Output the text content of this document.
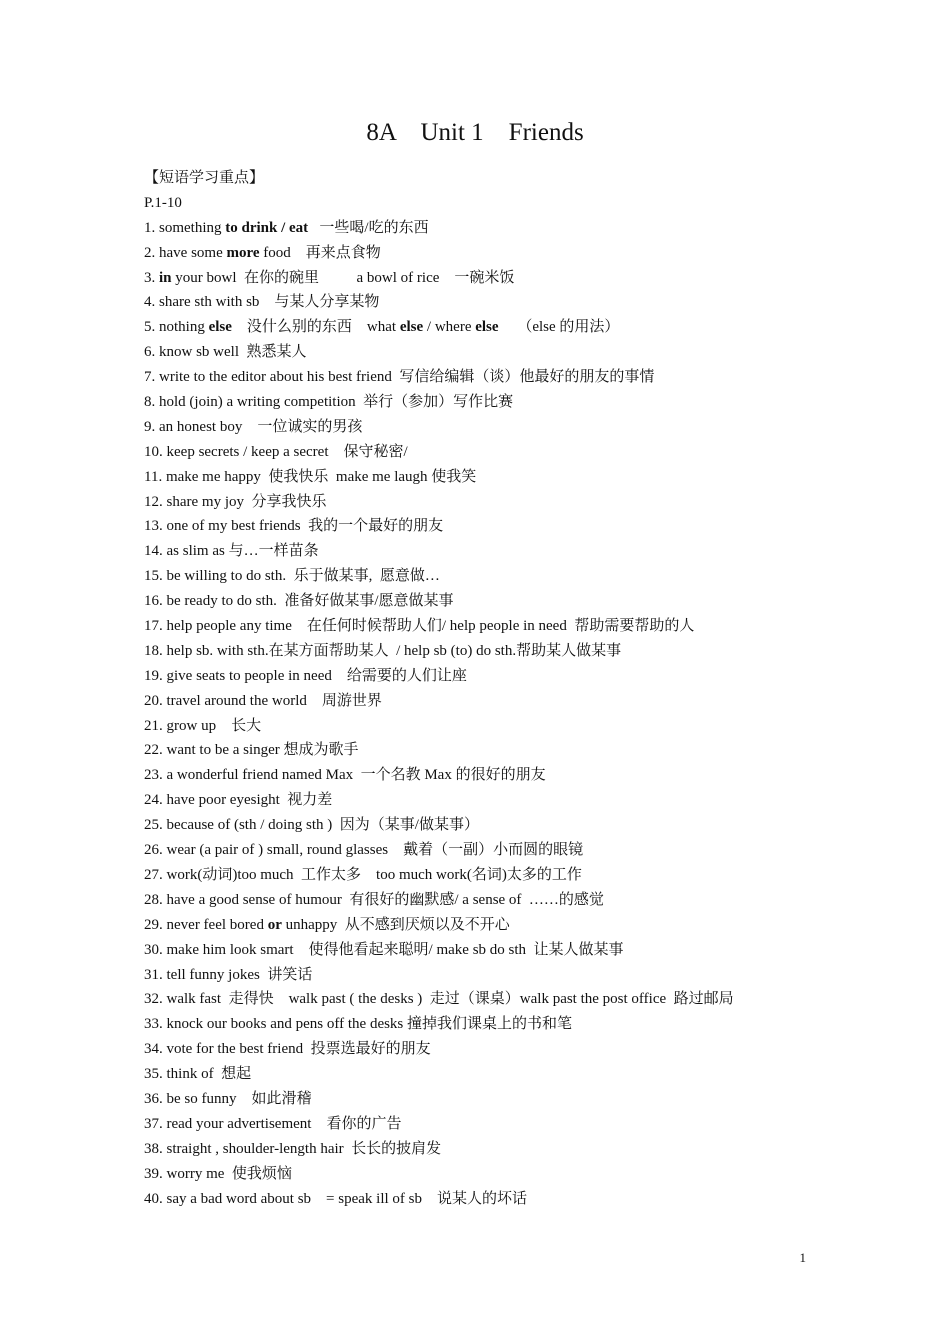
8A    Unit 1    Friends
【短语学习重点】
P.1-10
1. something to drink / eat   一些喝/吃的东西
2. have some more food    再来点食物
3. in your bowl  在你的碗里          a bowl of rice    一碗米饭
4. share sth with sb    与某人分享某物
5. nothing else    没什么别的东西    what else / where else     （else 的用法）
6. know sb well  熟悉某人
7. write to the editor about his best friend  写信给编辑（谈）他最好的朋友的事情
8. hold (join) a writing competition  举行（参加）写作比赛
9. an honest boy    一位诚实的男孩
10. keep secrets / keep a secret    保守秘密/
11. make me happy  使我快乐  make me laugh 使我笑
12. share my joy  分享我快乐
13. one of my best friends  我的一个最好的朋友
14. as slim as 与…一样苗条
15. be willing to do sth.  乐于做某事,  愿意做…
16. be ready to do sth.  准备好做某事/愿意做某事
17. help people any time    在任何时候帮助人们/ help people in need  帮助需要帮助的人
18. help sb. with sth.在某方面帮助某人  / help sb (to) do sth.帮助某人做某事
19. give seats to people in need    给需要的人们让座
20. travel around the world    周游世界
21. grow up    长大
22. want to be a singer 想成为歌手
23. a wonderful friend named Max  一个名教 Max 的很好的朋友
24. have poor eyesight  视力差
25. because of (sth / doing sth )  因为（某事/做某事）
26. wear (a pair of ) small, round glasses    戴着（一副）小而圆的眼镜
27. work(动词)too much  工作太多    too much work(名词)太多的工作
28. have a good sense of humour  有很好的幽默感/ a sense of  ……的感觉
29. never feel bored or unhappy  从不感到厌烦以及不开心
30. make him look smart    使得他看起来聪明/ make sb do sth  让某人做某事
31. tell funny jokes  讲笑话
32. walk fast  走得快    walk past ( the desks )  走过（课桌）walk past the post office  路过邮局
33. knock our books and pens off the desks 撞掉我们课桌上的书和笔
34. vote for the best friend  投票选最好的朋友
35. think of  想起
36. be so funny    如此滑稽
37. read your advertisement    看你的广告
38. straight , shoulder-length hair  长长的披肩发
39. worry me  使我烦恼
40. say a bad word about sb    = speak ill of sb    说某人的坏话
1
